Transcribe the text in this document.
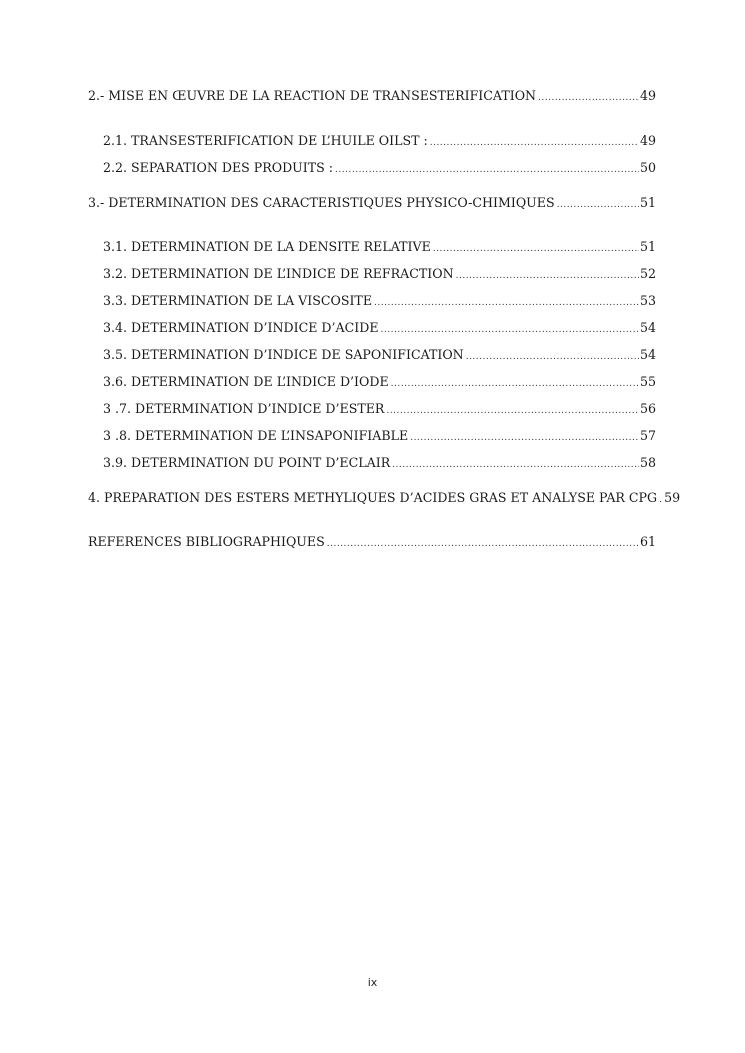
2.- MISE EN ŒUVRE DE LA REACTION DE TRANSESTERIFICATION .....	49
2.1. TRANSESTERIFICATION DE L’HUILE OILST : .....	49
2.2. SEPARATION DES PRODUITS : .....	50
3.- DETERMINATION DES CARACTERISTIQUES PHYSICO-CHIMIQUES .....	51
3.1. DETERMINATION DE LA DENSITE RELATIVE .....	51
3.2. DETERMINATION DE L’INDICE DE REFRACTION .....	52
3.3. DETERMINATION DE LA VISCOSITE .....	53
3.4. DETERMINATION D’INDICE D’ACIDE .....	54
3.5. DETERMINATION D’INDICE DE SAPONIFICATION .....	54
3.6. DETERMINATION DE L’INDICE D’IODE .....	55
3 .7. DETERMINATION D’INDICE D’ESTER .....	56
3 .8. DETERMINATION DE L’INSAPONIFIABLE .....	57
3.9. DETERMINATION DU POINT D’ECLAIR .....	58
4. PREPARATION DES ESTERS METHYLIQUES D’ACIDES GRAS ET ANALYSE PAR CPG ..... 59
REFERENCES BIBLIOGRAPHIQUES .....	61
ix
